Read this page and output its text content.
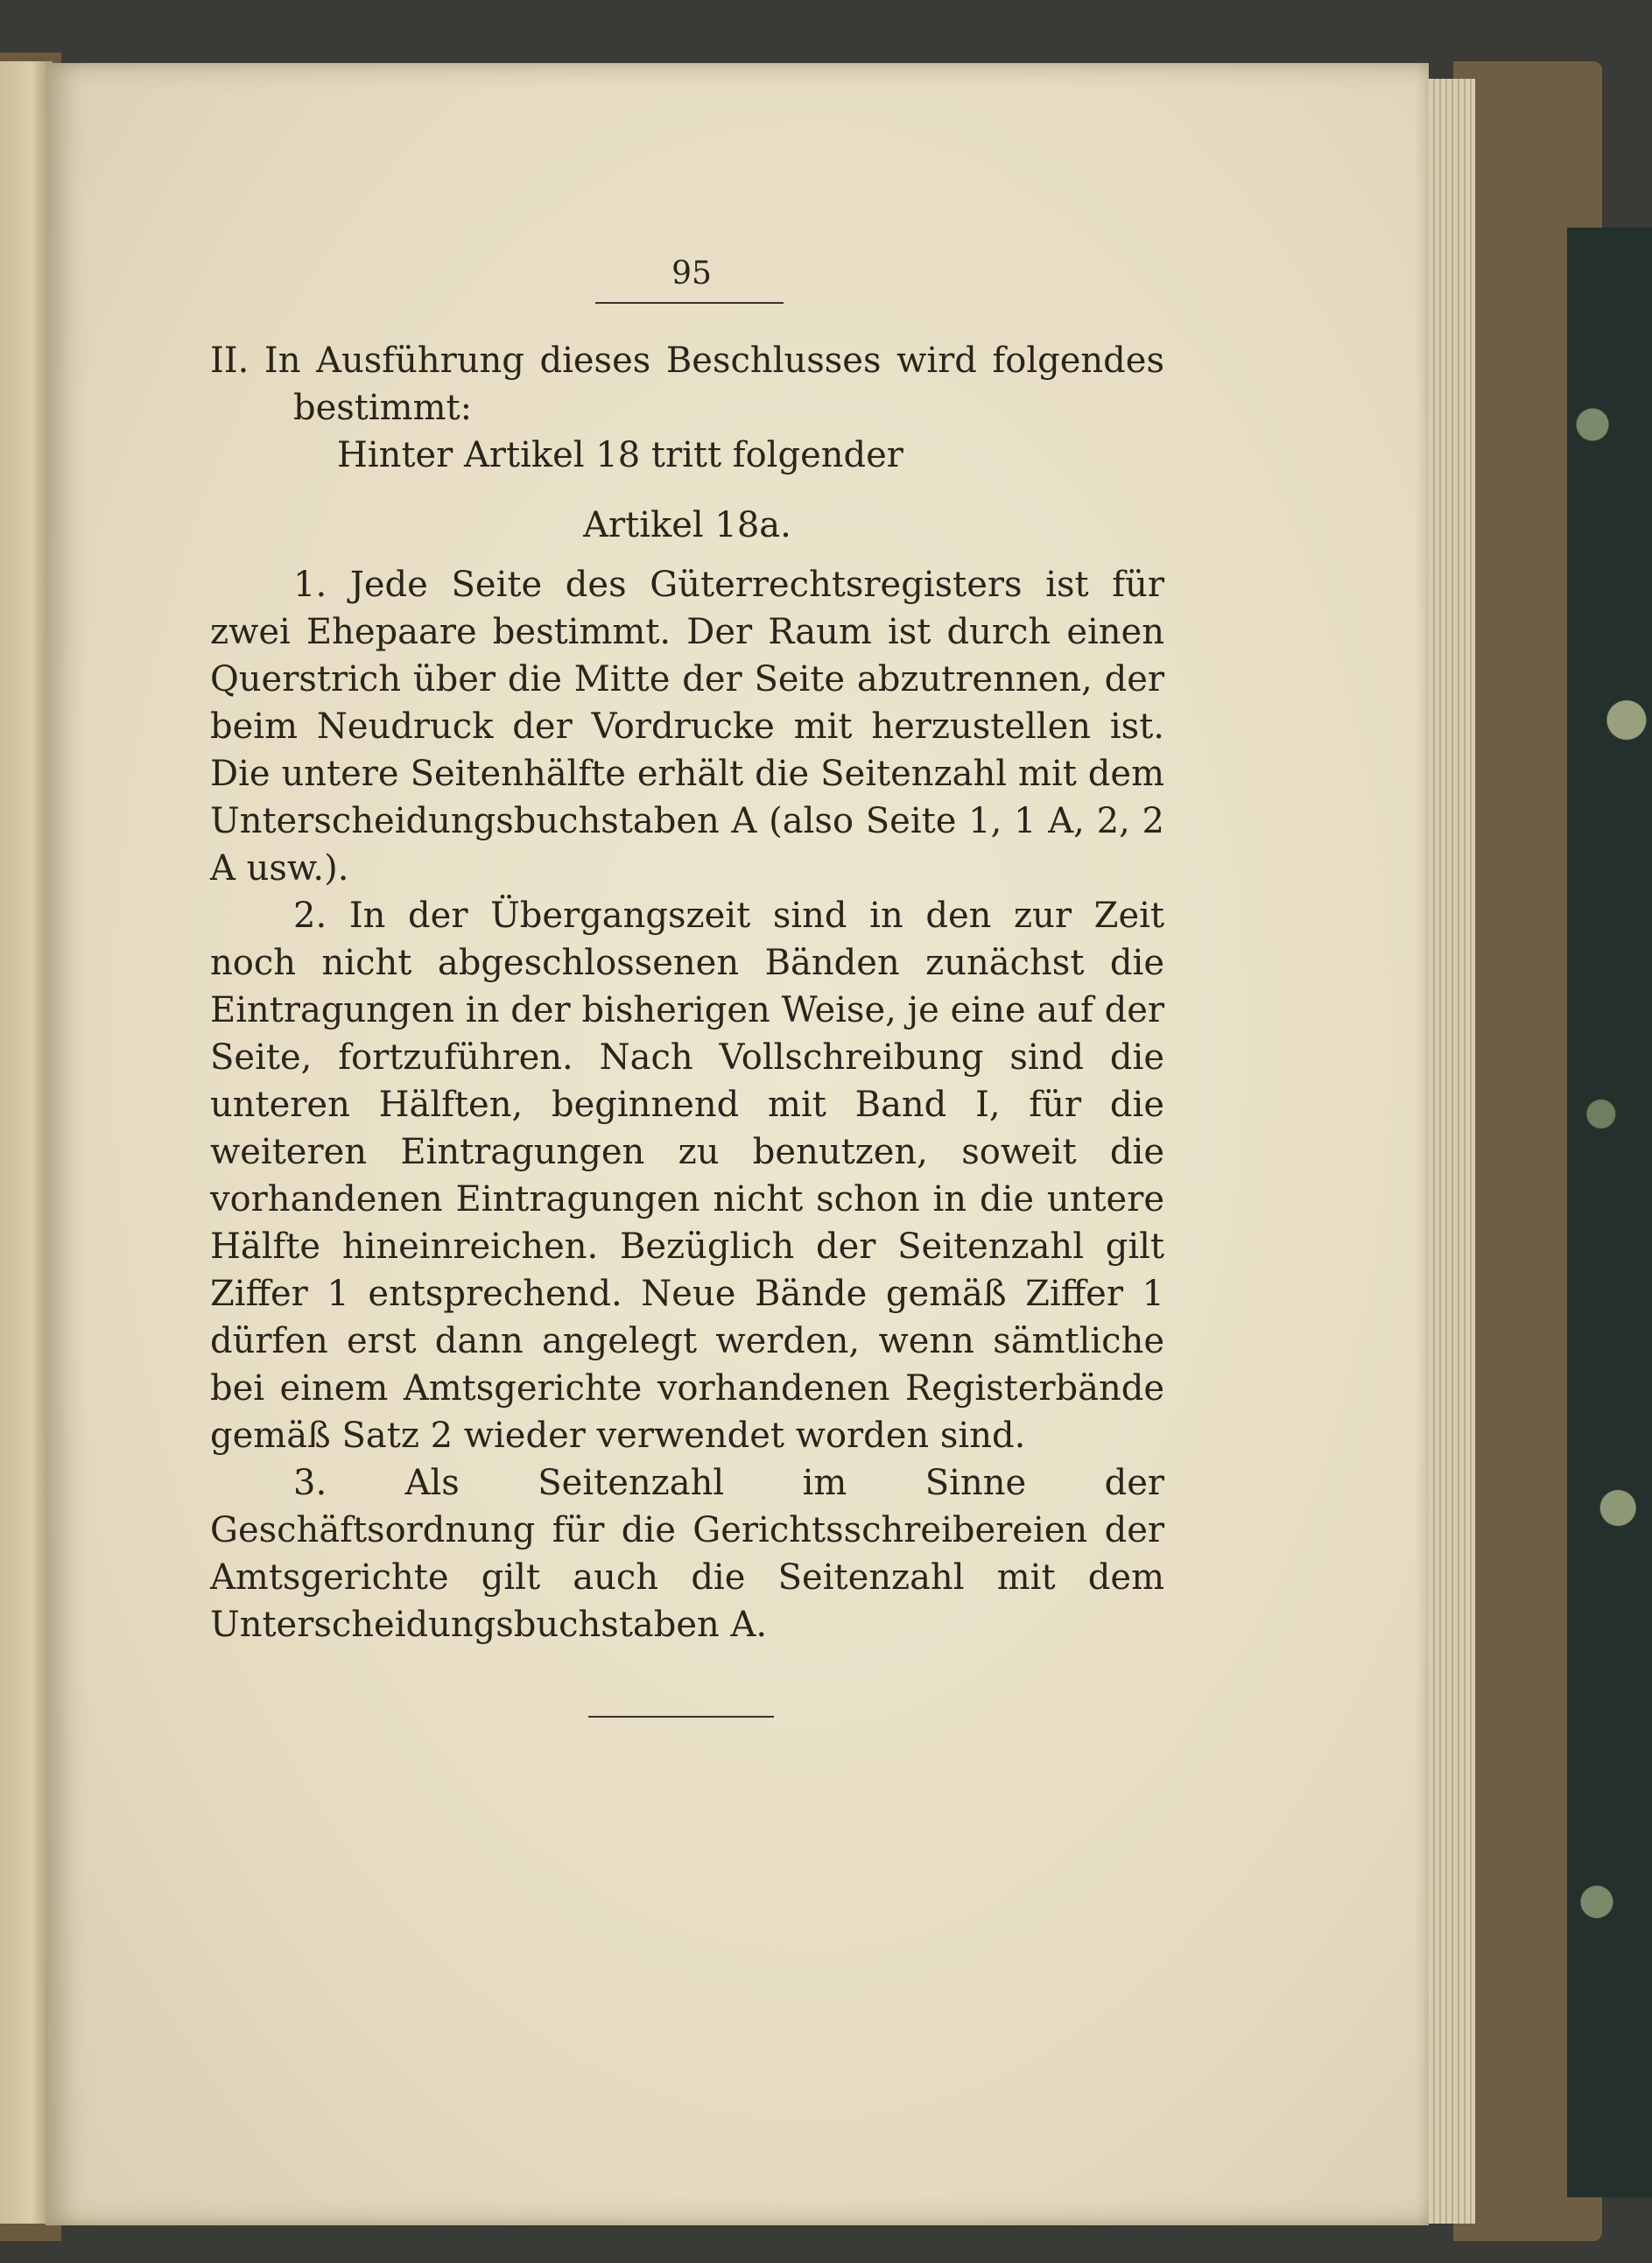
95

II. In Ausführung dieses Beschlusses wird folgendes bestimmt:

Hinter Artikel 18 tritt folgender

Artikel 18a.

1. Jede Seite des Güterrechtsregisters ist für zwei Ehepaare bestimmt. Der Raum ist durch einen Querstrich über die Mitte der Seite abzutrennen, der beim Neudruck der Vordrucke mit herzustellen ist. Die untere Seitenhälfte erhält die Seitenzahl mit dem Unterscheidungsbuchstaben A (also Seite 1, 1 A, 2, 2 A usw.).

2. In der Übergangszeit sind in den zur Zeit noch nicht abgeschlossenen Bänden zunächst die Eintragungen in der bisherigen Weise, je eine auf der Seite, fortzuführen. Nach Vollschreibung sind die unteren Hälften, beginnend mit Band I, für die weiteren Eintragungen zu benutzen, soweit die vorhandenen Eintragungen nicht schon in die untere Hälfte hineinreichen. Bezüglich der Seitenzahl gilt Ziffer 1 entsprechend. Neue Bände gemäß Ziffer 1 dürfen erst dann angelegt werden, wenn sämtliche bei einem Amtsgerichte vorhandenen Registerbände gemäß Satz 2 wieder verwendet worden sind.

3. Als Seitenzahl im Sinne der Geschäftsordnung für die Gerichtsschreibereien der Amtsgerichte gilt auch die Seitenzahl mit dem Unterscheidungsbuchstaben A.
